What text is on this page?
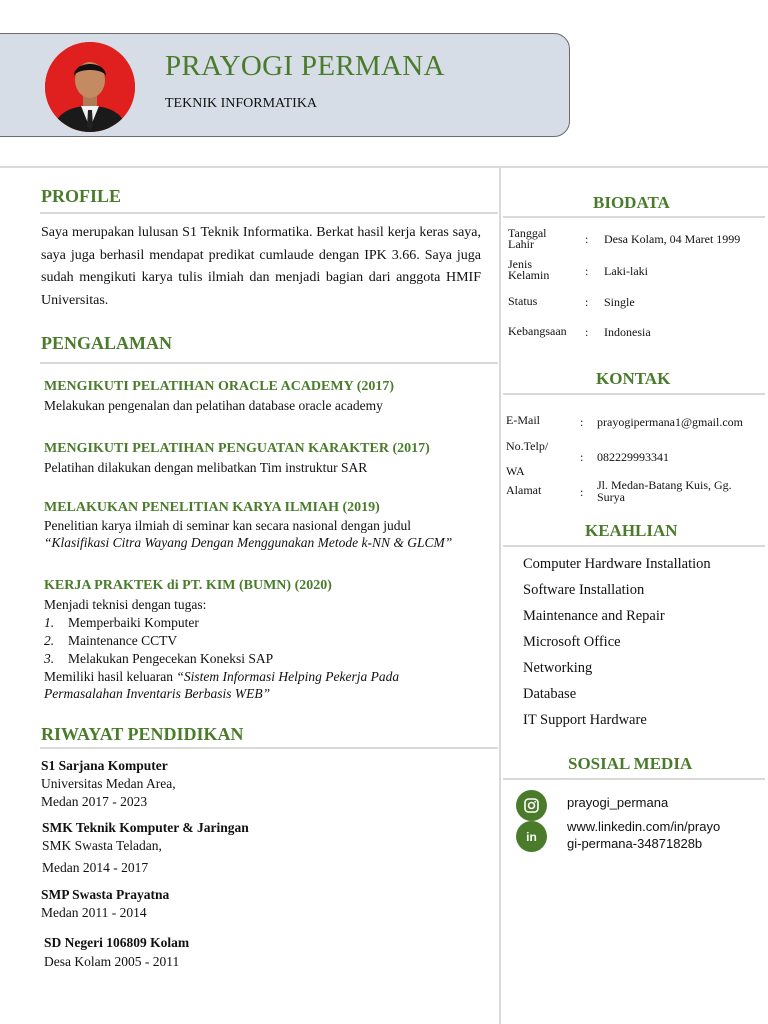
PRAYOGI PERMANA
TEKNIK INFORMATIKA
PROFILE
Saya merupakan lulusan S1 Teknik Informatika. Berkat hasil kerja keras saya, saya juga berhasil mendapat predikat cumlaude dengan IPK 3.66. Saya juga sudah mengikuti karya tulis ilmiah dan menjadi bagian dari anggota HMIF Universitas.
PENGALAMAN
MENGIKUTI PELATIHAN ORACLE ACADEMY (2017)
Melakukan pengenalan dan pelatihan database oracle academy
MENGIKUTI PELATIHAN PENGUATAN KARAKTER (2017)
Pelatihan dilakukan dengan melibatkan Tim instruktur SAR
MELAKUKAN PENELITIAN KARYA ILMIAH (2019)
Penelitian karya ilmiah di seminar kan secara nasional dengan judul
“Klasifikasi Citra Wayang Dengan Menggunakan Metode k-NN & GLCM”
KERJA PRAKTEK di PT. KIM (BUMN) (2020)
Menjadi teknisi dengan tugas:
1. Memperbaiki Komputer
2. Maintenance CCTV
3. Melakukan Pengecekan Koneksi SAP
Memiliki hasil keluaran “Sistem Informasi Helping Pekerja Pada
Permasalahan Inventaris Berbasis WEB”
RIWAYAT PENDIDIKAN
S1 Sarjana Komputer
Universitas Medan Area,
Medan 2017 - 2023
SMK Teknik Komputer & Jaringan
SMK Swasta Teladan,
Medan 2014 - 2017
SMP Swasta Prayatna
Medan 2011 - 2014
SD Negeri 106809 Kolam
Desa Kolam 2005 - 2011
BIODATA
Tanggal
Lahir	: Desa Kolam, 04 Maret 1999
Jenis
Kelamin	: Laki-laki
Status	: Single
Kebangsaan : Indonesia
KONTAK
E-Mail	: prayogipermana1@gmail.com
No.Telp/
WA
: 082229993341
Alamat	: Jl. Medan-Batang Kuis, Gg.
Surya
KEAHLIAN
Computer Hardware Installation
Software Installation
Maintenance and Repair
Microsoft Office
Networking
Database
IT Support Hardware
SOSIAL MEDIA
prayogi_permana
in
www.linkedin.com/in/prayo
gi-permana-34871828b
